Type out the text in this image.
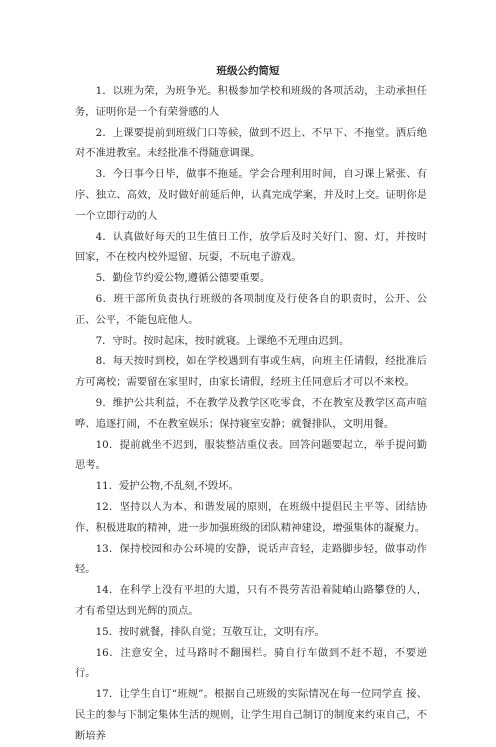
班级公约简短

1．以班为荣，为班争光。积极参加学校和班级的各项活动，主动承担任务，证明你是一个有荣誉感的人

2．上课要提前到班级门口等候，做到不迟上、不早下、不拖堂。洒后绝对不准进教室。未经批准不得随意调课。

3．今日事今日毕，做事不拖延。学会合理利用时间，自习课上紧张、有序、独立、高效，及时做好前延后伸，认真完成学案，并及时上交。证明你是一个立即行动的人

4．认真做好每天的卫生值日工作，放学后及时关好门、窗、灯，并按时回家，不在校内校外逗留、玩耍，不玩电子游戏。

5．勤俭节约爱公物,遵循公德要重要。

6．班干部所负责执行班级的各项制度及行使各自的职责时，公开、公正、公平，不能包庇他人。

7．守时。按时起床，按时就寝。上课绝不无理由迟到。

8．每天按时到校，如在学校遇到有事或生病，向班主任请假，经批准后方可离校；需要留在家里时，由家长请假，经班主任同意后才可以不来校。

9．维护公共利益，不在教学及教学区吃零食，不在教室及教学区高声喧哗、追逐打闹，不在教室娱乐；保持寝室安静；就餐排队，文明用餐。

10．提前就坐不迟到，服装整洁重仪表。回答问题要起立，举手提问勤思考。

11．爱护公物,不乱刻,不毁坏。

12．坚持以人为本、和谐发展的原则，在班级中提倡民主平等、团结协作、积极进取的精神，进一步加强班级的团队精神建设，增强集体的凝聚力。

13．保持校园和办公环境的安静，说话声音轻，走路脚步轻，做事动作轻。

14．在科学上没有平坦的大道，只有不畏劳苦沿着陡峭山路攀登的人，才有希望达到光辉的顶点。

15．按时就餐，排队自觉；互敬互让，文明有序。

16．注意安全，过马路时不翻围栏。骑自行车做到不赶不超，不要逆行。

17．让学生自订“班规”。根据自己班级的实际情况在每一位同学直 接、民主的参与下制定集体生活的规则，让学生用自己制订的制度来约束自己，不断培养
